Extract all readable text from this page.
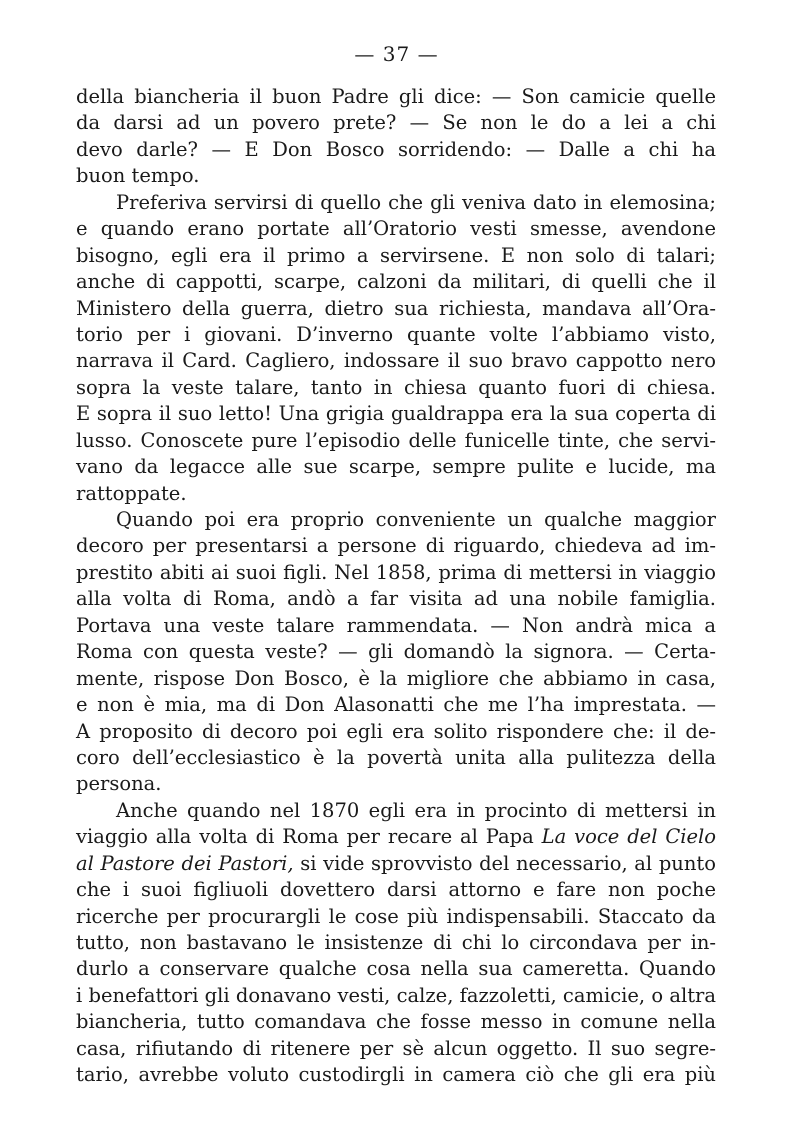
— 37 —
della biancheria il buon Padre gli dice: — Son camicie quelle
da darsi ad un povero prete? — Se non le do a lei a chi
devo darle? — E Don Bosco sorridendo: — Dalle a chi ha
buon tempo.
Preferiva servirsi di quello che gli veniva dato in elemosina;
e quando erano portate all’Oratorio vesti smesse, avendone
bisogno, egli era il primo a servirsene. E non solo di talari;
anche di cappotti, scarpe, calzoni da militari, di quelli che il
Ministero della guerra, dietro sua richiesta, mandava all’Ora-
torio per i giovani. D’inverno quante volte l’abbiamo visto,
narrava il Card. Cagliero, indossare il suo bravo cappotto nero
sopra la veste talare, tanto in chiesa quanto fuori di chiesa.
E sopra il suo letto! Una grigia gualdrappa era la sua coperta di
lusso. Conoscete pure l’episodio delle funicelle tinte, che servi-
vano da legacce alle sue scarpe, sempre pulite e lucide, ma
rattoppate.
Quando poi era proprio conveniente un qualche maggior
decoro per presentarsi a persone di riguardo, chiedeva ad im-
prestito abiti ai suoi figli. Nel 1858, prima di mettersi in viaggio
alla volta di Roma, andò a far visita ad una nobile famiglia.
Portava una veste talare rammendata. — Non andrà mica a
Roma con questa veste? — gli domandò la signora. — Certa-
mente, rispose Don Bosco, è la migliore che abbiamo in casa,
e non è mia, ma di Don Alasonatti che me l’ha imprestata. —
A proposito di decoro poi egli era solito rispondere che: il de-
coro dell’ecclesiastico è la povertà unita alla pulitezza della
persona.
Anche quando nel 1870 egli era in procinto di mettersi in
viaggio alla volta di Roma per recare al Papa La voce del Cielo
al Pastore dei Pastori, si vide sprovvisto del necessario, al punto
che i suoi figliuoli dovettero darsi attorno e fare non poche
ricerche per procurargli le cose più indispensabili. Staccato da
tutto, non bastavano le insistenze di chi lo circondava per in-
durlo a conservare qualche cosa nella sua cameretta. Quando
i benefattori gli donavano vesti, calze, fazzoletti, camicie, o altra
biancheria, tutto comandava che fosse messo in comune nella
casa, rifiutando di ritenere per sè alcun oggetto. Il suo segre-
tario, avrebbe voluto custodirgli in camera ciò che gli era più
